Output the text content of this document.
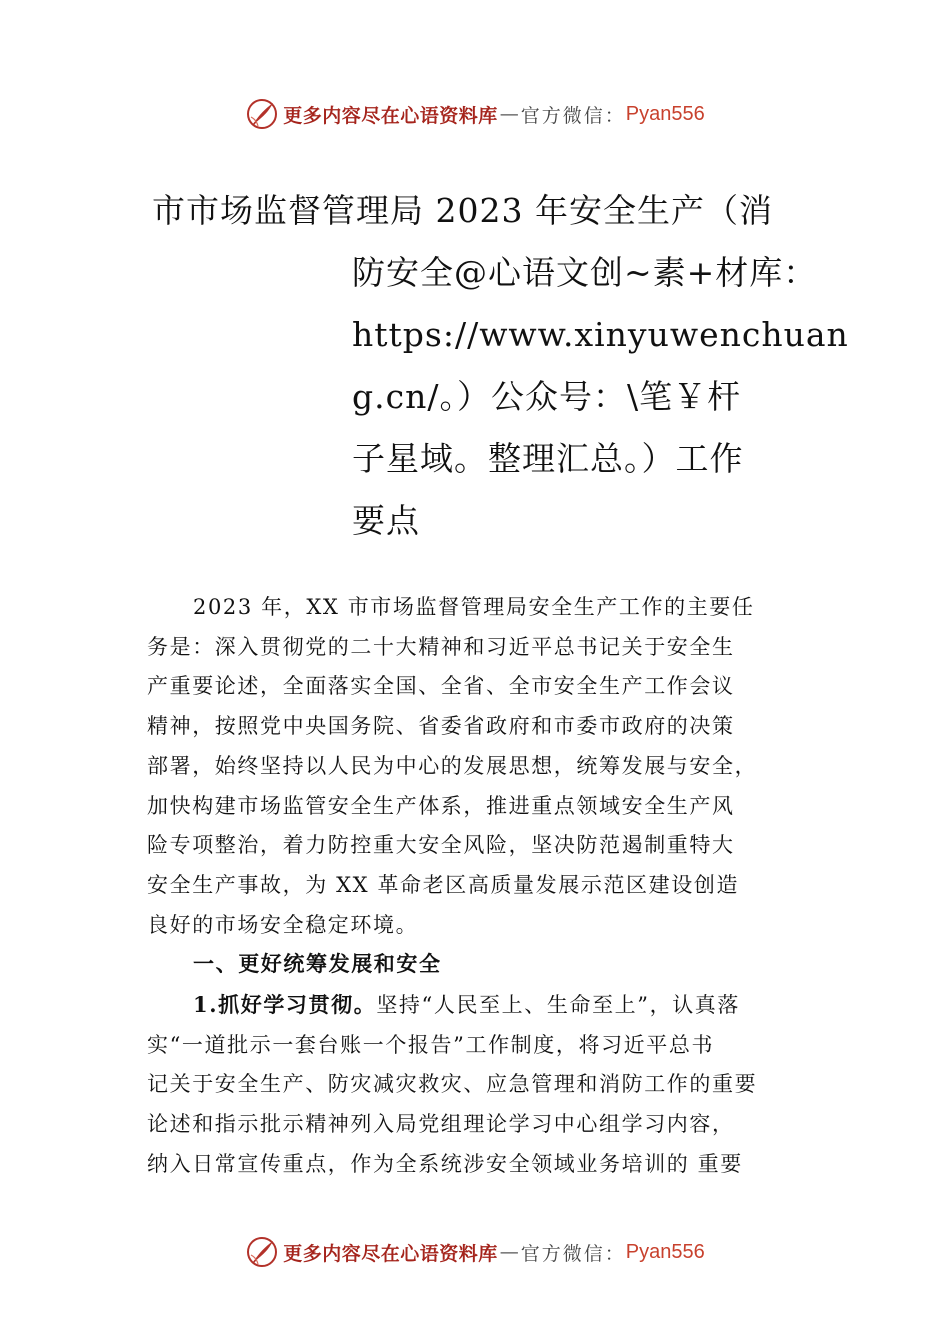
更多内容尽在心语资料库 — 官方微信： Pyan556
市市场监督管理局 2023 年安全生产（消
防安全@心语文创~素+材库：
https://www.xinyuwenchuan
g.cn/。）公众号：\笔￥杆
子星域。整理汇总。）工作
要点

2023 年，XX 市市场监督管理局安全生产工作的主要任
务是：深入贯彻党的二十大精神和习近平总书记关于安全生
产重要论述，全面落实全国、全省、全市安全生产工作会议
精神，按照党中央国务院、省委省政府和市委市政府的决策
部署，始终坚持以人民为中心的发展思想，统筹发展与安全，
加快构建市场监管安全生产体系，推进重点领域安全生产风
险专项整治，着力防控重大安全风险，坚决防范遏制重特大
安全生产事故，为 XX 革命老区高质量发展示范区建设创造
良好的市场安全稳定环境。

一、更好统筹发展和安全

1.抓好学习贯彻。坚持“人民至上、生命至上”，认真落
实“一道批示一套台账一个报告”工作制度，将习近平总书
记关于安全生产、防灾减灾救灾、应急管理和消防工作的重要
论述和指示批示精神列入局党组理论学习中心组学习内容，
纳入日常宣传重点，作为全系统涉安全领域业务培训的 重要

更多内容尽在心语资料库 — 官方微信： Pyan556
